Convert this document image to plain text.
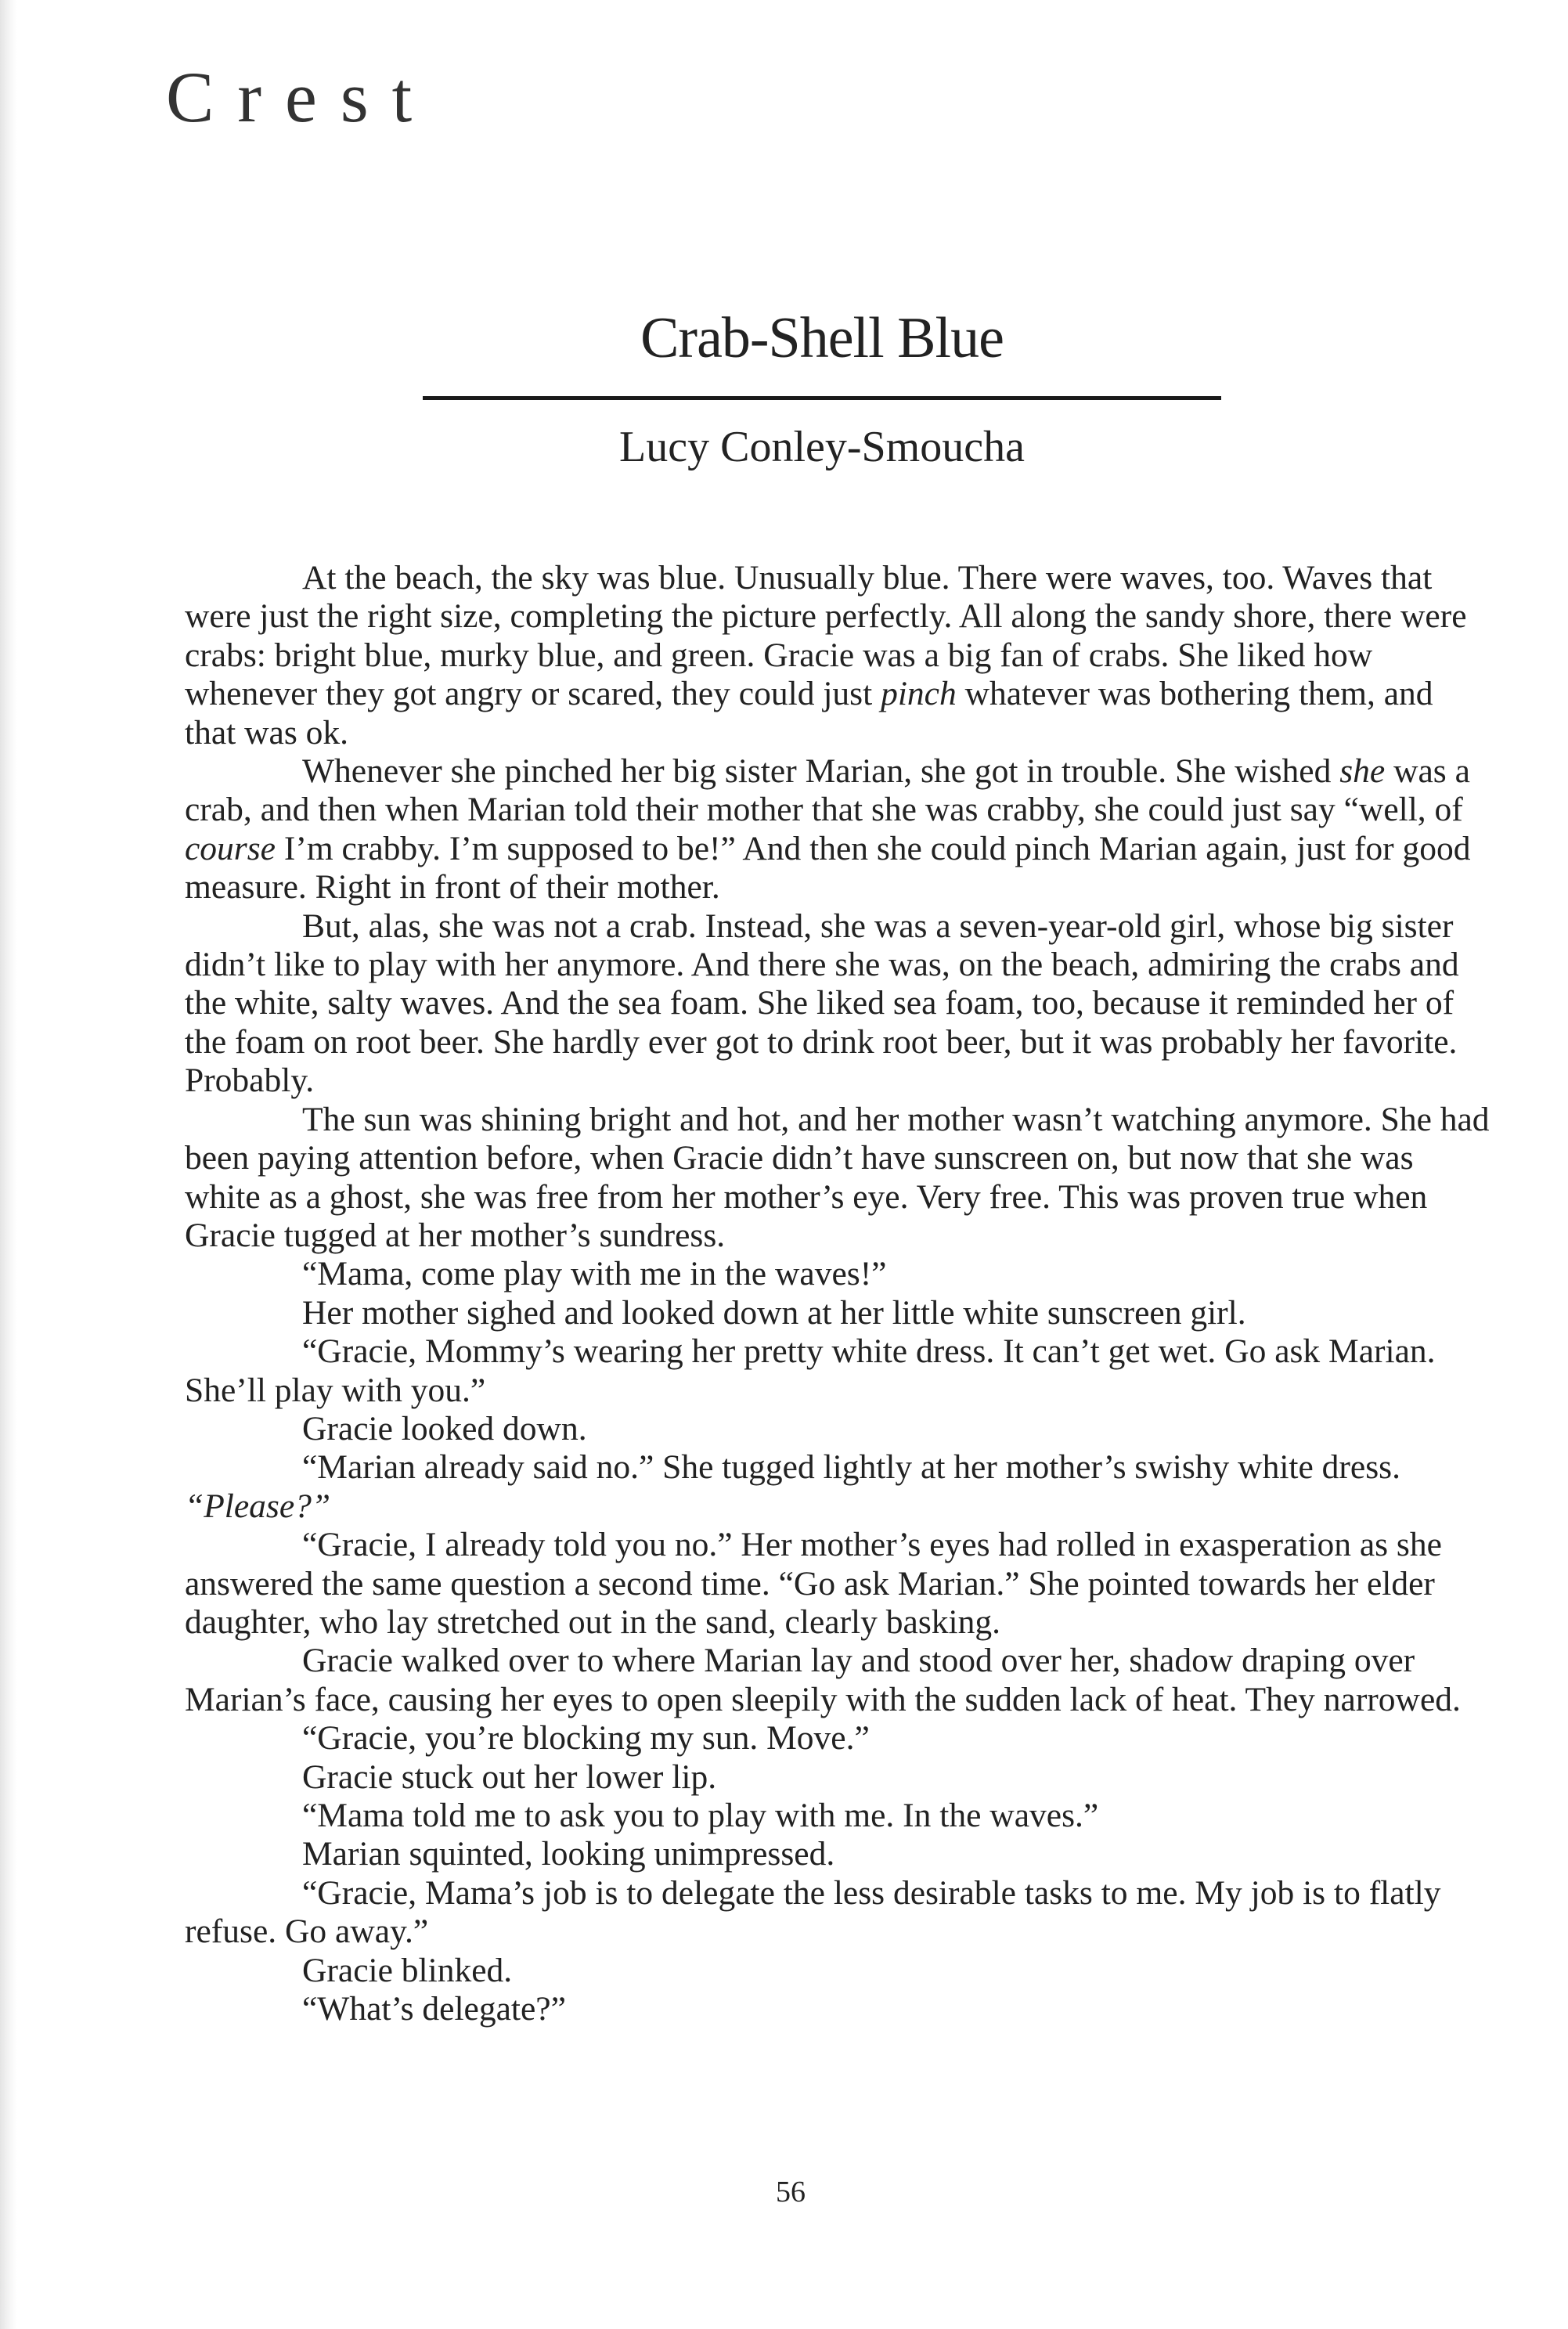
Crest
Crab-Shell Blue
Lucy Conley-Smoucha

At the beach, the sky was blue. Unusually blue. There were waves, too. Waves that were just the right size, completing the picture perfectly. All along the sandy shore, there were crabs: bright blue, murky blue, and green. Gracie was a big fan of crabs. She liked how whenever they got angry or scared, they could just pinch whatever was bothering them, and that was ok.

Whenever she pinched her big sister Marian, she got in trouble. She wished she was a crab, and then when Marian told their mother that she was crabby, she could just say “well, of course I’m crabby. I’m supposed to be!” And then she could pinch Marian again, just for good measure. Right in front of their mother.

But, alas, she was not a crab. Instead, she was a seven-year-old girl, whose big sister didn’t like to play with her anymore. And there she was, on the beach, admiring the crabs and the white, salty waves. And the sea foam. She liked sea foam, too, because it reminded her of the foam on root beer. She hardly ever got to drink root beer, but it was probably her favorite. Probably.

The sun was shining bright and hot, and her mother wasn’t watching anymore. She had been paying attention before, when Gracie didn’t have sunscreen on, but now that she was white as a ghost, she was free from her mother’s eye. Very free. This was proven true when Gracie tugged at her mother’s sundress.

“Mama, come play with me in the waves!”

Her mother sighed and looked down at her little white sunscreen girl.

“Gracie, Mommy’s wearing her pretty white dress. It can’t get wet. Go ask Marian. She’ll play with you.”

Gracie looked down.

“Marian already said no.” She tugged lightly at her mother’s swishy white dress.

“Please?”

“Gracie, I already told you no.” Her mother’s eyes had rolled in exasperation as she answered the same question a second time. “Go ask Marian.” She pointed towards her elder daughter, who lay stretched out in the sand, clearly basking.

Gracie walked over to where Marian lay and stood over her, shadow draping over Marian’s face, causing her eyes to open sleepily with the sudden lack of heat. They narrowed.

“Gracie, you’re blocking my sun. Move.”

Gracie stuck out her lower lip.

“Mama told me to ask you to play with me. In the waves.”

Marian squinted, looking unimpressed.

“Gracie, Mama’s job is to delegate the less desirable tasks to me. My job is to flatly refuse. Go away.”

Gracie blinked.

“What’s delegate?”

56
